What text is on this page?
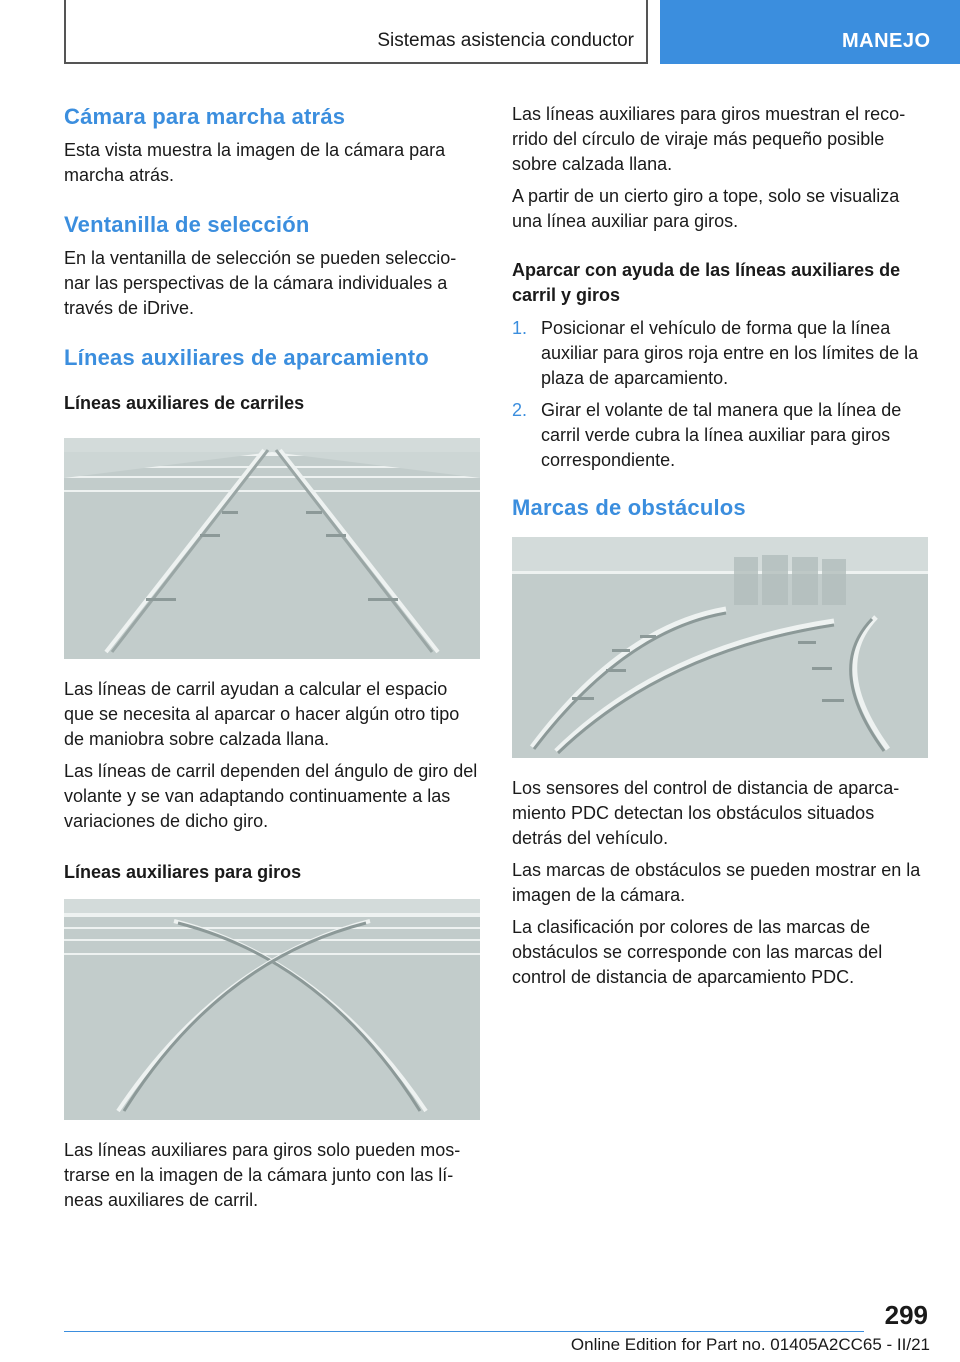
Sistemas asistencia conductor	MANEJO
Cámara para marcha atrás

Esta vista muestra la imagen de la cámara para marcha atrás.

Ventanilla de selección

En la ventanilla de selección se pueden seleccio-nar las perspectivas de la cámara individuales a través de iDrive.

Líneas auxiliares de aparcamiento
Líneas auxiliares de carriles

Las líneas de carril ayudan a calcular el espacio que se necesita al aparcar o hacer algún otro tipo de maniobra sobre calzada llana.

Las líneas de carril dependen del ángulo de giro del volante y se van adaptando continuamente a las variaciones de dicho giro.

Líneas auxiliares para giros

Las líneas auxiliares para giros solo pueden mos-trarse en la imagen de la cámara junto con las lí-neas auxiliares de carril.

Las líneas auxiliares para giros muestran el reco-rrido del círculo de viraje más pequeño posible sobre calzada llana.

A partir de un cierto giro a tope, solo se visualiza una línea auxiliar para giros.

Aparcar con ayuda de las líneas auxiliares de carril y giros
1. Posicionar el vehículo de forma que la línea auxiliar para giros roja entre en los límites de la plaza de aparcamiento.
2. Girar el volante de tal manera que la línea de carril verde cubra la línea auxiliar para giros correspondiente.
Marcas de obstáculos

Los sensores del control de distancia de aparca-miento PDC detectan los obstáculos situados detrás del vehículo.

Las marcas de obstáculos se pueden mostrar en la imagen de la cámara.

La clasificación por colores de las marcas de obstáculos se corresponde con las marcas del control de distancia de aparcamiento PDC.

299
Online Edition for Part no. 01405A2CC65 - II/21
